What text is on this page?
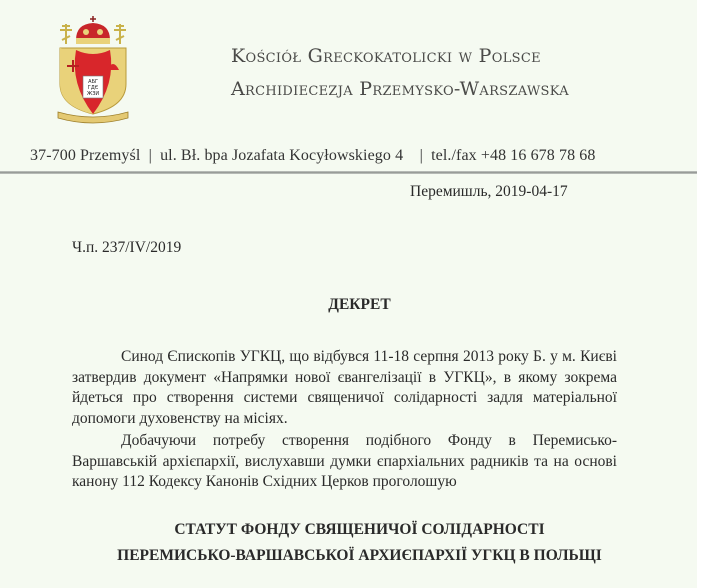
ΑБΓ
ГДЄ
ЖЗИ
Kościół Greckokatolicki w Polsce
Archidiecezja Przemysko-Warszawska
37-700 Przemyśl  |  ul. Bł. bpa Jozafata Kocyłowskiego 4    |  tel./fax +48 16 678 78 68
Перемишль, 2019-04-17
Ч.п. 237/IV/2019
ДЕКРЕТ
Синод Єпископів УГКЦ, що відбувся 11-18 серпня 2013 року Б. у м. Києві затвердив документ «Напрямки нової євангелізації в УГКЦ», в якому зокрема йдеться про створення системи священичої солідарності задля матеріальної допомоги духовенству на місіях.
Добачуючи потребу створення подібного Фонду в Перемисько-Варшавській архієпархії, вислухавши думки єпархіальних радників та на основі канону 112 Кодексу Канонів Східних Церков проголошую
СТАТУТ ФОНДУ СВЯЩЕНИЧОЇ СОЛІДАРНОСТІ
ПЕРЕМИСЬКО-ВАРШАВСЬКОЇ АРХИЄПАРХІЇ УГКЦ В ПОЛЬЩІ
